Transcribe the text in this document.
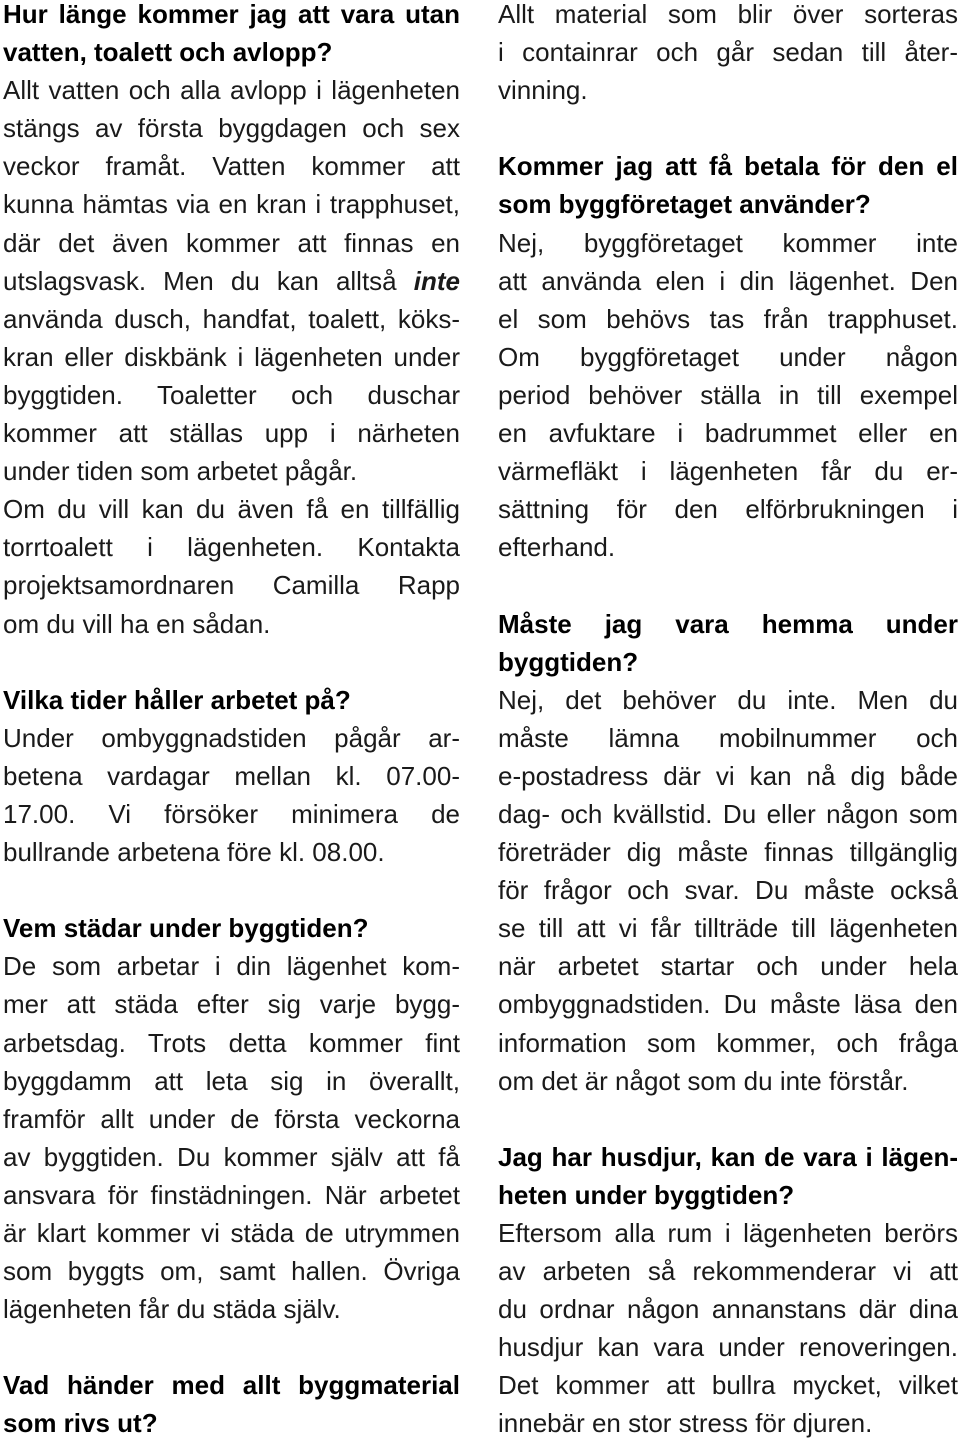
Hur länge kommer jag att vara utan
vatten, toalett och avlopp?
Allt vatten och alla avlopp i lägenheten
stängs av första byggdagen och sex
veckor framåt. Vatten kommer att
kunna hämtas via en kran i trapphuset,
där det även kommer att finnas en
utslagsvask. Men du kan alltså inte
använda dusch, handfat, toalett, köks-
kran eller diskbänk i lägenheten under
byggtiden. Toaletter och duschar
kommer att ställas upp i närheten
under tiden som arbetet pågår.
Om du vill kan du även få en tillfällig
torrtoalett i lägenheten. Kontakta
projektsamordnaren Camilla Rapp
om du vill ha en sådan.
Vilka tider håller arbetet på?
Under ombyggnadstiden pågår ar-
betena vardagar mellan kl. 07.00-
17.00. Vi försöker minimera de
bullrande arbetena före kl. 08.00.
Vem städar under byggtiden?
De som arbetar i din lägenhet kom-
mer att städa efter sig varje bygg-
arbetsdag. Trots detta kommer fint
byggdamm att leta sig in överallt,
framför allt under de första veckorna
av byggtiden. Du kommer själv att få
ansvara för finstädningen. När arbetet
är klart kommer vi städa de utrymmen
som byggts om, samt hallen. Övriga
lägenheten får du städa själv.
Vad händer med allt byggmaterial
som rivs ut?
Allt material som blir över sorteras
i containrar och går sedan till åter-
vinning.
Kommer jag att få betala för den el
som byggföretaget använder?
Nej, byggföretaget kommer inte
att använda elen i din lägenhet. Den
el som behövs tas från trapphuset.
Om byggföretaget under någon
period behöver ställa in till exempel
en avfuktare i badrummet eller en
värmefläkt i lägenheten får du er-
sättning för den elförbrukningen i
efterhand.
Måste jag vara hemma under
byggtiden?
Nej, det behöver du inte. Men du
måste lämna mobilnummer och
e-postadress där vi kan nå dig både
dag- och kvällstid. Du eller någon som
företräder dig måste finnas tillgänglig
för frågor och svar. Du måste också
se till att vi får tillträde till lägenheten
när arbetet startar och under hela
ombyggnadstiden. Du måste läsa den
information som kommer, och fråga
om det är något som du inte förstår.
Jag har husdjur, kan de vara i lägen-
heten under byggtiden?
Eftersom alla rum i lägenheten berörs
av arbeten så rekommenderar vi att
du ordnar någon annanstans där dina
husdjur kan vara under renoveringen.
Det kommer att bullra mycket, vilket
innebär en stor stress för djuren.
